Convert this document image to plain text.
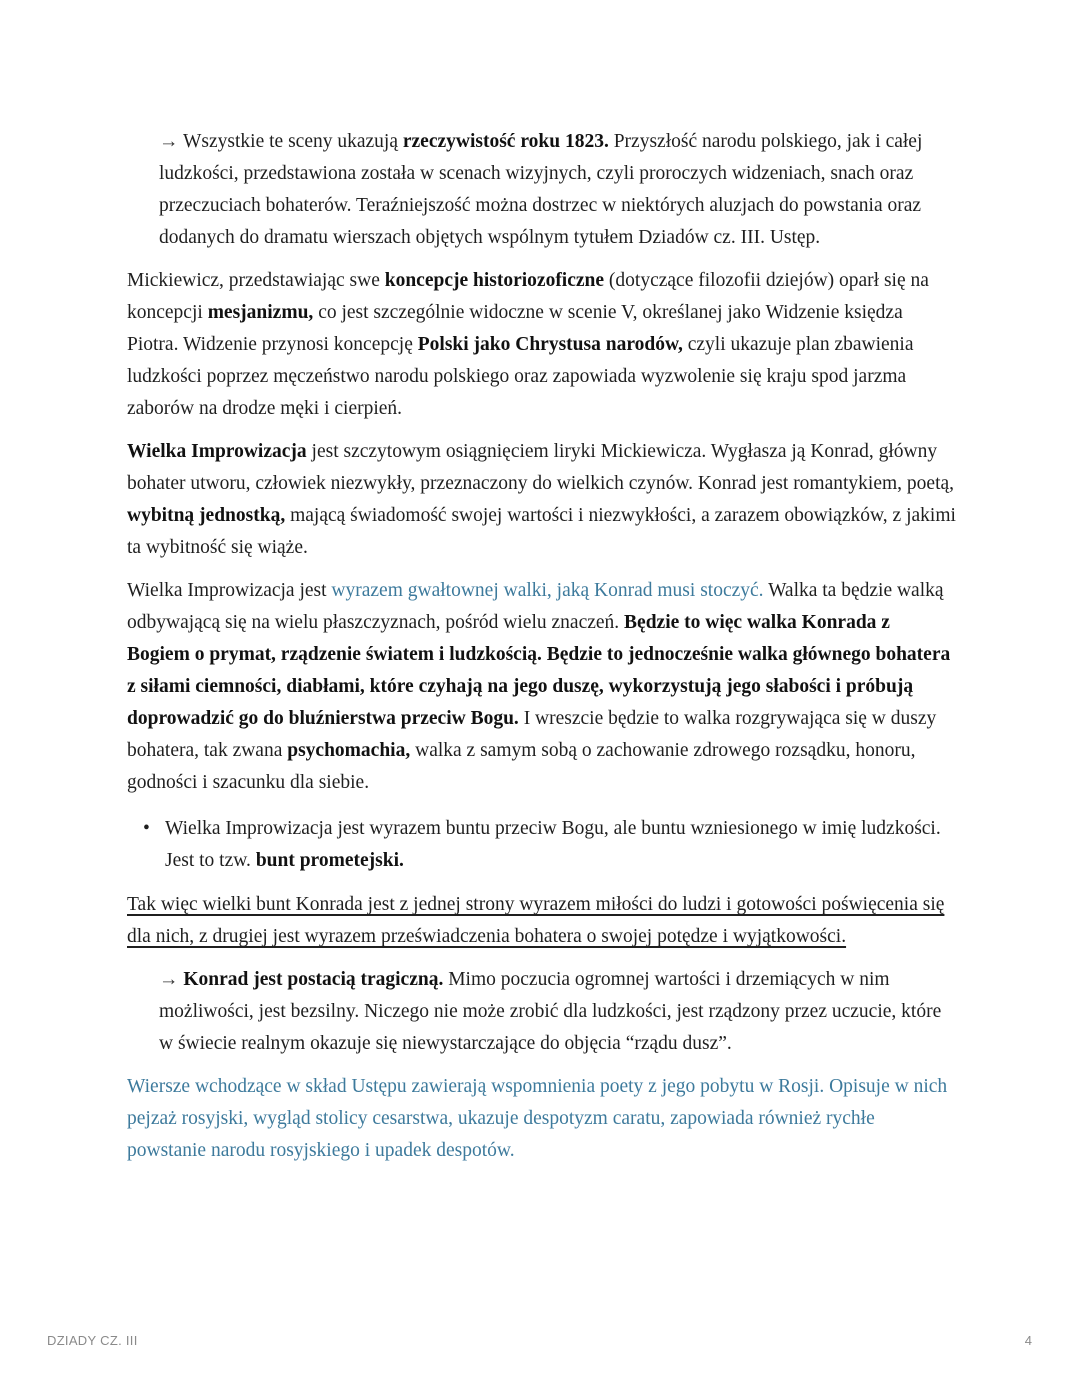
→ Wszystkie te sceny ukazują rzeczywistość roku 1823. Przyszłość narodu polskiego, jak i całej ludzkości, przedstawiona została w scenach wizyjnych, czyli proroczych widzeniach, snach oraz przeczuciach bohaterów. Teraźniejszość można dostrzec w niektórych aluzjach do powstania oraz dodanych do dramatu wierszach objętych wspólnym tytułem Dziadów cz. III. Ustęp.

Mickiewicz, przedstawiając swe koncepcje historiozoficzne (dotyczące filozofii dziejów) oparł się na koncepcji mesjanizmu, co jest szczególnie widoczne w scenie V, określanej jako Widzenie księdza Piotra. Widzenie przynosi koncepcję Polski jako Chrystusa narodów, czyli ukazuje plan zbawienia ludzkości poprzez męczeństwo narodu polskiego oraz zapowiada wyzwolenie się kraju spod jarzma zaborów na drodze męki i cierpień.

Wielka Improwizacja jest szczytowym osiągnięciem liryki Mickiewicza. Wygłasza ją Konrad, główny bohater utworu, człowiek niezwykły, przeznaczony do wielkich czynów. Konrad jest romantykiem, poetą, wybitną jednostką, mającą świadomość swojej wartości i niezwykłości, a zarazem obowiązków, z jakimi ta wybitność się wiąże.

Wielka Improwizacja jest wyrazem gwałtownej walki, jaką Konrad musi stoczyć. Walka ta będzie walką odbywającą się na wielu płaszczyznach, pośród wielu znaczeń. Będzie to więc walka Konrada z Bogiem o prymat, rządzenie światem i ludzkością. Będzie to jednocześnie walka głównego bohatera z siłami ciemności, diabłami, które czyhają na jego duszę, wykorzystują jego słabości i próbują doprowadzić go do bluźnierstwa przeciw Bogu. I wreszcie będzie to walka rozgrywająca się w duszy bohatera, tak zwana psychomachia, walka z samym sobą o zachowanie zdrowego rozsądku, honoru, godności i szacunku dla siebie.

• Wielka Improwizacja jest wyrazem buntu przeciw Bogu, ale buntu wzniesionego w imię ludzkości. Jest to tzw. bunt prometejski.

Tak więc wielki bunt Konrada jest z jednej strony wyrazem miłości do ludzi i gotowości poświęcenia się dla nich, z drugiej jest wyrazem przeświadczenia bohatera o swojej potędze i wyjątkowości.

→ Konrad jest postacią tragiczną. Mimo poczucia ogromnej wartości i drzemiących w nim możliwości, jest bezsilny. Niczego nie może zrobić dla ludzkości, jest rządzony przez uczucie, które w świecie realnym okazuje się niewystarczające do objęcia “rządu dusz”.

Wiersze wchodzące w skład Ustępu zawierają wspomnienia poety z jego pobytu w Rosji. Opisuje w nich pejzaż rosyjski, wygląd stolicy cesarstwa, ukazuje despotyzm caratu, zapowiada również rychłe powstanie narodu rosyjskiego i upadek despotów.

DZIADY CZ. III	4
